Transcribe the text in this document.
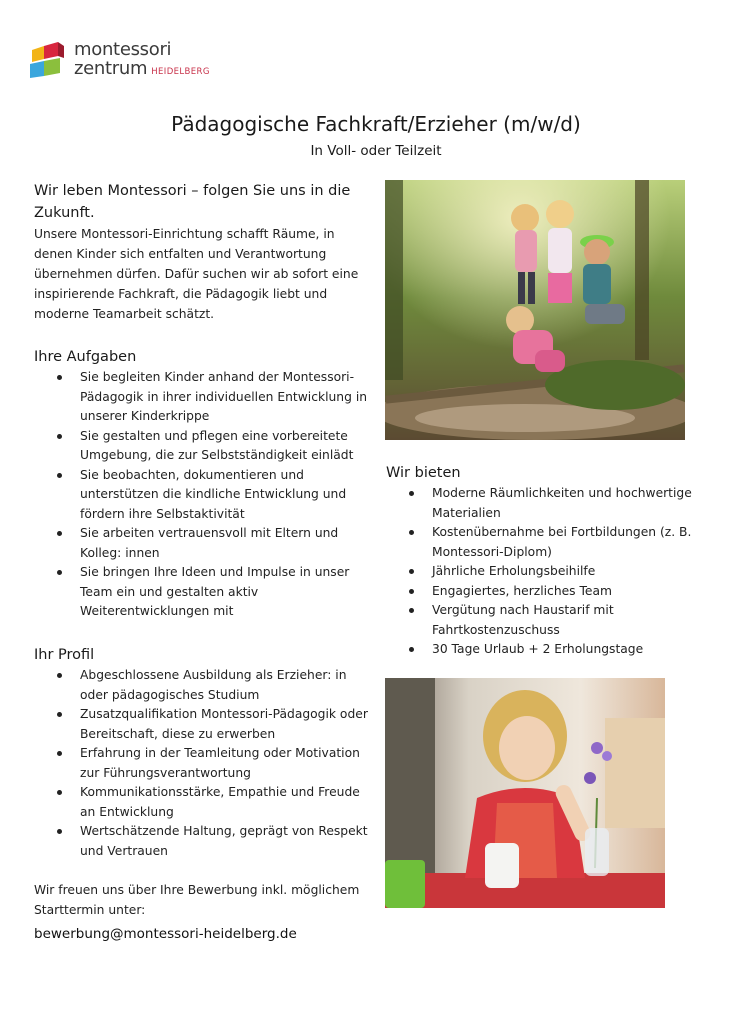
montessori
zentrum HEIDELBERG
Pädagogische Fachkraft/Erzieher (m/w/d)
In Voll- oder Teilzeit
Wir leben Montessori – folgen Sie uns in die Zukunft.

Unsere Montessori-Einrichtung schafft Räume, in denen Kinder sich entfalten und Verantwortung übernehmen dürfen. Dafür suchen wir ab sofort eine inspirierende Fachkraft, die Pädagogik liebt und moderne Teamarbeit schätzt.

Ihre Aufgaben
Sie begleiten Kinder anhand der Montessori-Pädagogik in ihrer individuellen Entwicklung in unserer Kinderkrippe
Sie gestalten und pflegen eine vorbereitete Umgebung, die zur Selbstständigkeit einlädt
Sie beobachten, dokumentieren und unterstützen die kindliche Entwicklung und fördern ihre Selbstaktivität
Sie arbeiten vertrauensvoll mit Eltern und Kolleg: innen
Sie bringen Ihre Ideen und Impulse in unser Team ein und gestalten aktiv Weiterentwicklungen mit
Ihr Profil
Abgeschlossene Ausbildung als Erzieher: in oder pädagogisches Studium
Zusatzqualifikation Montessori-Pädagogik oder Bereitschaft, diese zu erwerben
Erfahrung in der Teamleitung oder Motivation zur Führungsverantwortung
Kommunikationsstärke, Empathie und Freude an Entwicklung
Wertschätzende Haltung, geprägt von Respekt und Vertrauen
Wir freuen uns über Ihre Bewerbung inkl. möglichem Starttermin unter:
bewerbung@montessori-heidelberg.de
Wir bieten
Moderne Räumlichkeiten und hochwertige Materialien
Kostenübernahme bei Fortbildungen (z. B. Montessori-Diplom)
Jährliche Erholungsbeihilfe
Engagiertes, herzliches Team
Vergütung nach Haustarif mit Fahrtkostenzuschuss
30 Tage Urlaub + 2 Erholungstage
